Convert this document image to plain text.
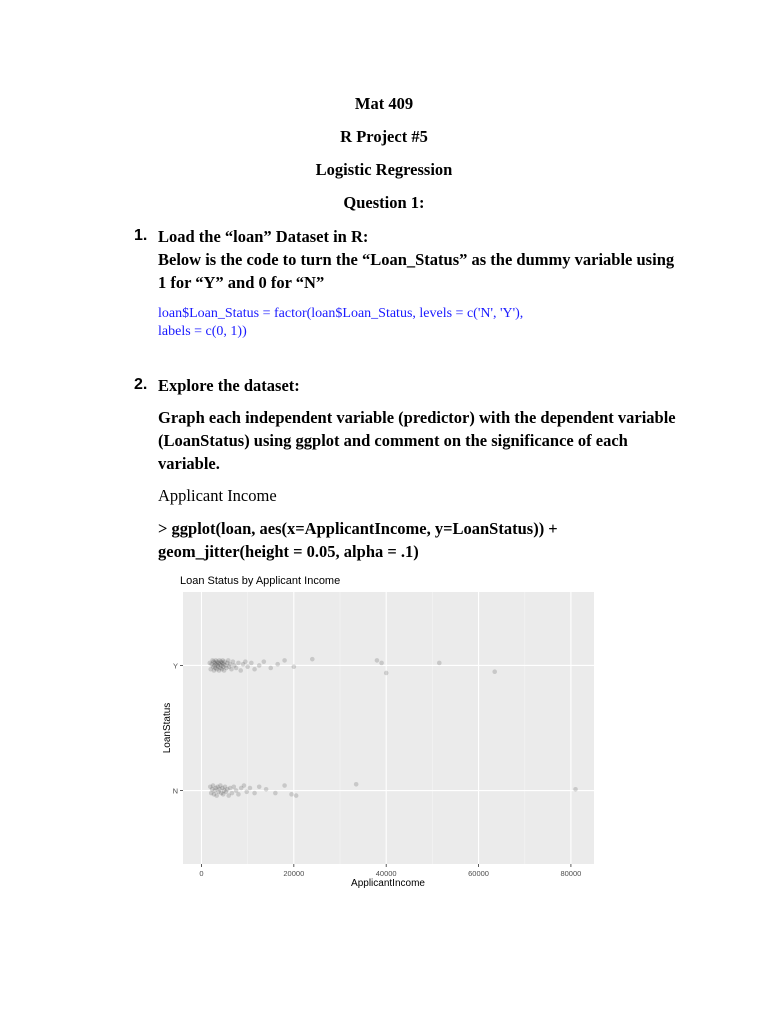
Mat 409
R Project #5
Logistic Regression
Question 1:
1. Load the “loan” Dataset in R:
Below is the code to turn the “Loan_Status” as the dummy variable using 1 for “Y” and 0 for “N”
loan$Loan_Status = factor(loan$Loan_Status, levels = c('N', 'Y'),
labels = c(0, 1))
2. Explore the dataset:
Graph each independent variable (predictor) with the dependent variable (LoanStatus) using ggplot and comment on the significance of each variable.
Applicant Income
> ggplot(loan, aes(x=ApplicantIncome, y=LoanStatus)) +
geom_jitter(height = 0.05, alpha = .1)
Loan Status by Applicant Income
0	20000	40000	60000	80000
N
Y
ApplicantIncome
LoanStatus
